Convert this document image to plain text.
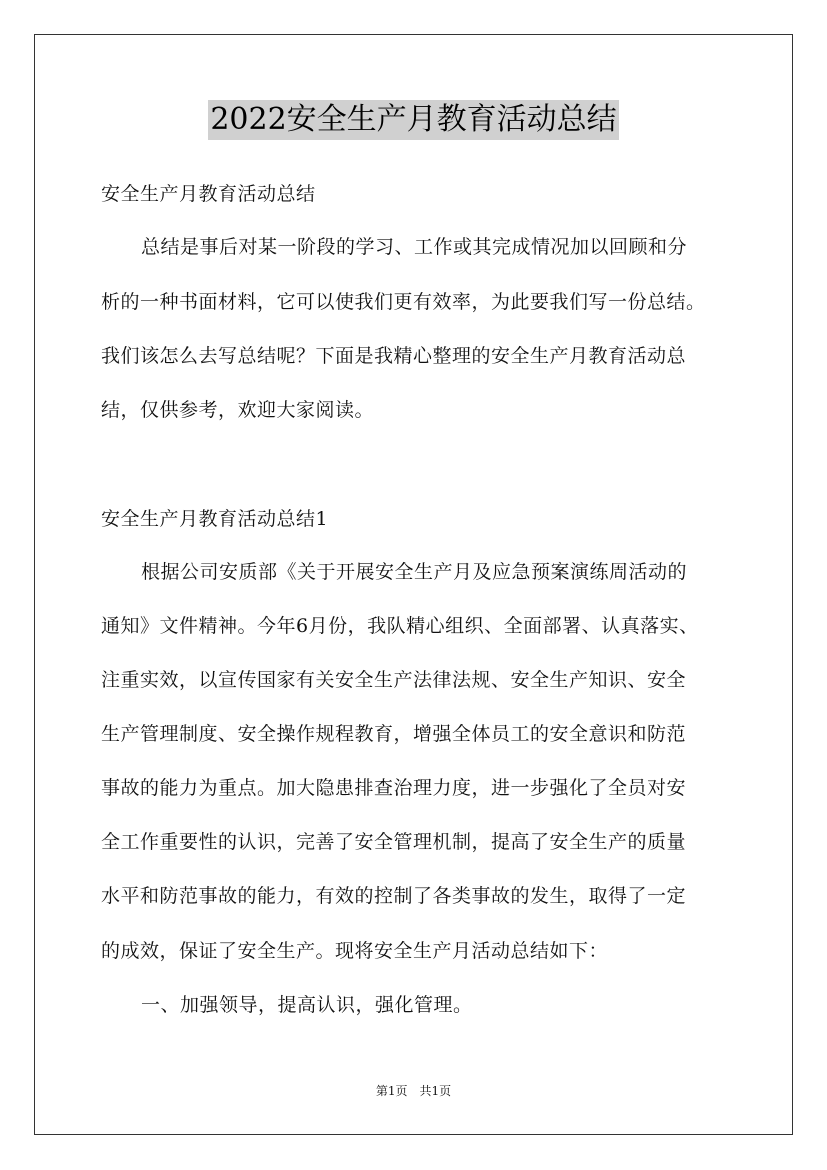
2022安全生产月教育活动总结
安全生产月教育活动总结
总结是事后对某一阶段的学习、工作或其完成情况加以回顾和分
析的一种书面材料，它可以使我们更有效率，为此要我们写一份总结。
我们该怎么去写总结呢？下面是我精心整理的安全生产月教育活动总
结，仅供参考，欢迎大家阅读。
安全生产月教育活动总结1
根据公司安质部《关于开展安全生产月及应急预案演练周活动的
通知》文件精神。今年6月份，我队精心组织、全面部署、认真落实、
注重实效，以宣传国家有关安全生产法律法规、安全生产知识、安全
生产管理制度、安全操作规程教育，增强全体员工的安全意识和防范
事故的能力为重点。加大隐患排查治理力度，进一步强化了全员对安
全工作重要性的认识，完善了安全管理机制，提高了安全生产的质量
水平和防范事故的能力，有效的控制了各类事故的发生，取得了一定
的成效，保证了安全生产。现将安全生产月活动总结如下：
一、加强领导，提高认识，强化管理。
第1页　共1页
